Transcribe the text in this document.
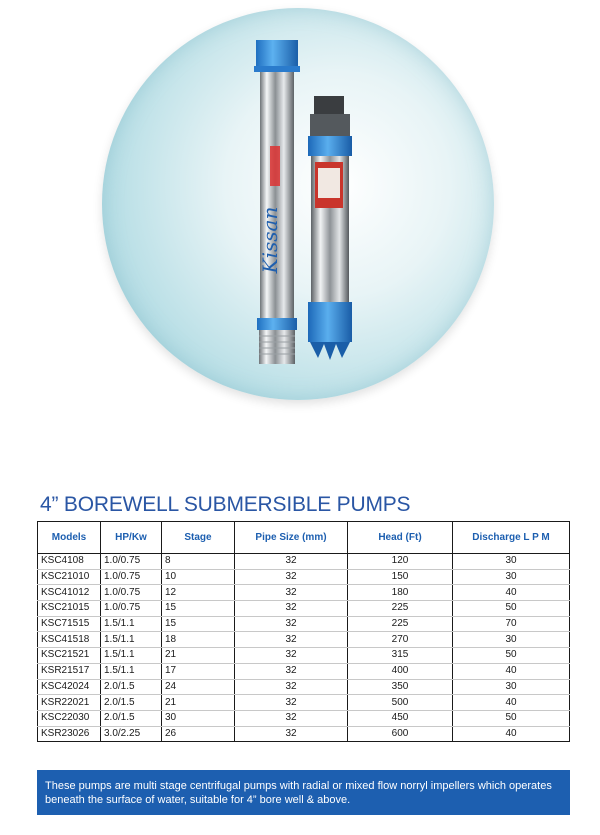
Kissan
4” BOREWELL SUBMERSIBLE PUMPS
Models	HP/Kw	Stage	Pipe Size (mm)	Head (Ft)	Discharge L P M
KSC4108	1.0/0.75	8	32	120	30
KSC21010	1.0/0.75	10	32	150	30
KSC41012	1.0/0.75	12	32	180	40
KSC21015	1.0/0.75	15	32	225	50
KSC71515	1.5/1.1	15	32	225	70
KSC41518	1.5/1.1	18	32	270	30
KSC21521	1.5/1.1	21	32	315	50
KSR21517	1.5/1.1	17	32	400	40
KSC42024	2.0/1.5	24	32	350	30
KSR22021	2.0/1.5	21	32	500	40
KSC22030	2.0/1.5	30	32	450	50
KSR23026	3.0/2.25	26	32	600	40
These pumps are multi stage centrifugal pumps with radial or mixed flow norryl impellers which operates beneath the surface of water, suitable for 4” bore well & above.
